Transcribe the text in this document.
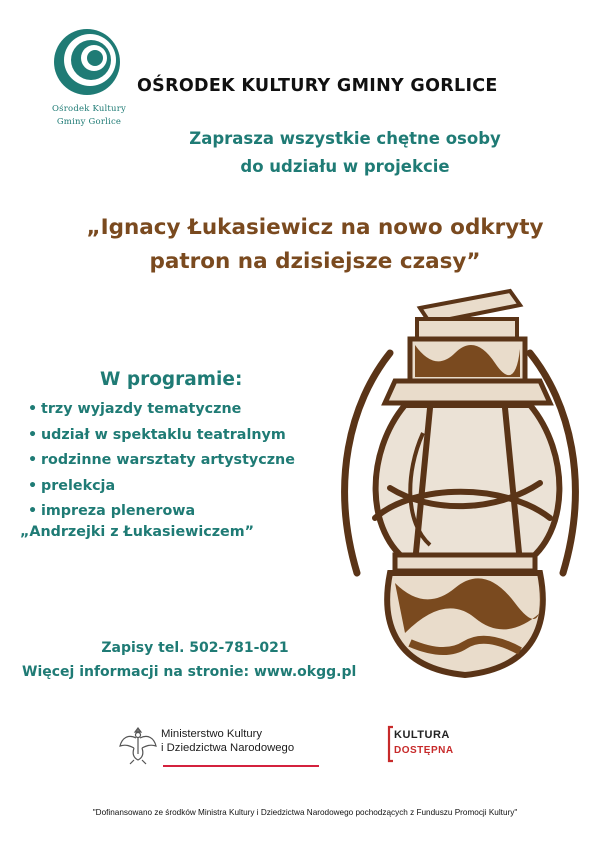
Ośrodek Kultury
Gminy Gorlice
OŚRODEK KULTURY GMINY GORLICE
Zaprasza wszystkie chętne osoby
do udziału w projekcie
„Ignacy Łukasiewicz na nowo odkryty
patron na dzisiejsze czasy”
W programie:
• trzy wyjazdy tematyczne
• udział w spektaklu teatralnym
• rodzinne warsztaty artystyczne
• prelekcja
• impreza plenerowa
„Andrzejki z Łukasiewiczem”
Zapisy tel. 502-781-021
Więcej informacji na stronie: www.okgg.pl
Ministerstwo Kultury
i Dziedzictwa Narodowego
KULTURA
DOSTĘPNA
"Dofinansowano ze środków Ministra Kultury i Dziedzictwa Narodowego pochodzących z Funduszu Promocji Kultury"
